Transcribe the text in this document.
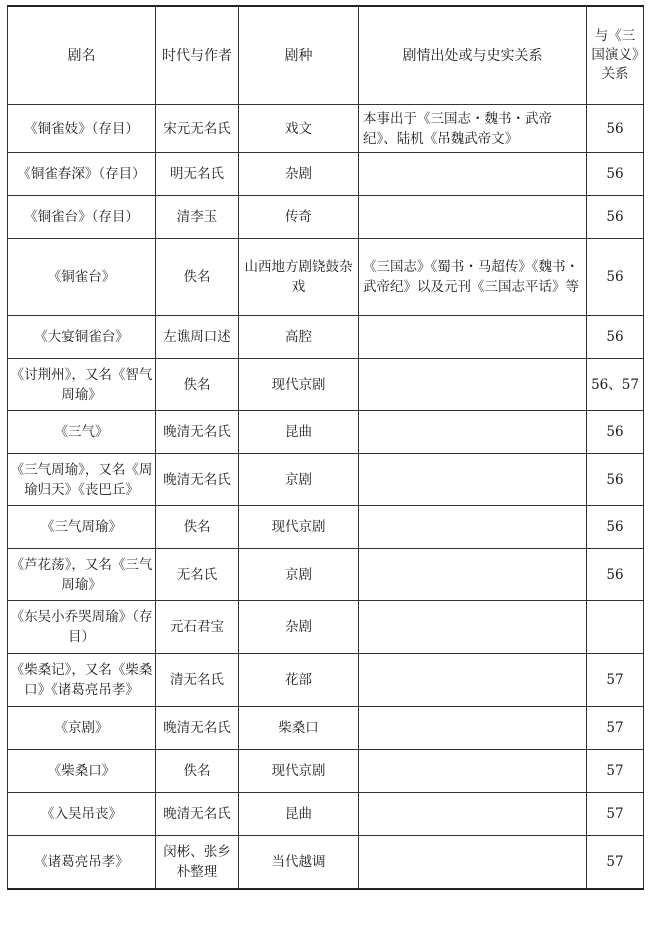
剧名	时代与作者	剧种	剧情出处或与史实关系	与《三国演义》关系
《铜雀妓》（存目）	宋元无名氏	戏文	本事出于《三国志・魏书・武帝纪》、陆机《吊魏武帝文》	56
《铜雀春深》（存目）	明无名氏	杂剧		56
《铜雀台》（存目）	清李玉	传奇		56
《铜雀台》	佚名	山西地方剧铙鼓杂戏	《三国志》《蜀书・马超传》《魏书・武帝纪》以及元刊《三国志平话》等	56
《大宴铜雀台》	左谯周口述	高腔		56
《讨荆州》，又名《智气周瑜》	佚名	现代京剧		56、57
《三气》	晚清无名氏	昆曲		56
《三气周瑜》，又名《周瑜归天》《丧巴丘》	晚清无名氏	京剧		56
《三气周瑜》	佚名	现代京剧		56
《芦花荡》，又名《三气周瑜》	无名氏	京剧		56
《东吴小乔哭周瑜》（存目）	元石君宝	杂剧		
《柴桑记》，又名《柴桑口》《诸葛亮吊孝》	清无名氏	花部		57
《京剧》	晚清无名氏	柴桑口		57
《柴桑口》	佚名	现代京剧		57
《入吴吊丧》	晚清无名氏	昆曲		57
《诸葛亮吊孝》	闵彬、张乡朴整理	当代越调		57
